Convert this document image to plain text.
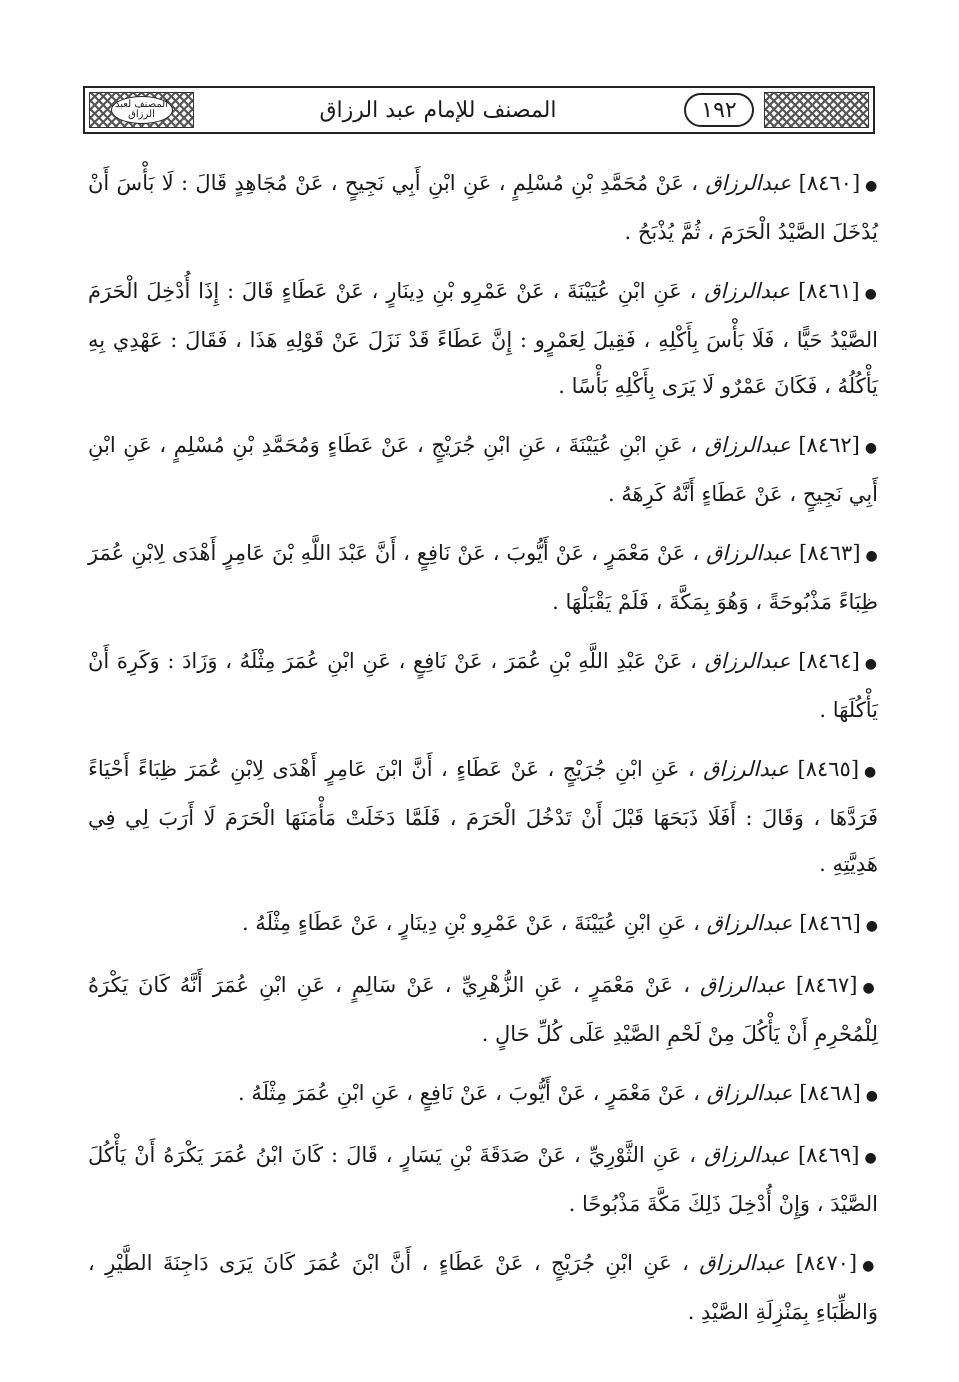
المصنف لعبد الرزاق	المصنف للإمام عبد الرزاق	١٩٢

●[٨٤٦٠] عبدالرزاق ، عَنْ مُحَمَّدِ بْنِ مُسْلِمٍ ، عَنِ ابْنِ أَبِي نَجِيحٍ ، عَنْ مُجَاهِدٍ قَالَ : لَا بَأْسَ أَنْ يُدْخَلَ الصَّيْدُ الْحَرَمَ ، ثُمَّ يُذْبَحُ .

●[٨٤٦١] عبدالرزاق ، عَنِ ابْنِ عُيَيْنَةَ ، عَنْ عَمْرِو بْنِ دِينَارٍ ، عَنْ عَطَاءٍ قَالَ : إِذَا أُدْخِلَ الْحَرَمَ الصَّيْدُ حَيًّا ، فَلَا بَأْسَ بِأَكْلِهِ ، فَقِيلَ لِعَمْرٍو : إِنَّ عَطَاءً قَدْ نَزَلَ عَنْ قَوْلِهِ هَذَا ، فَقَالَ : عَهْدِي بِهِ يَأْكُلُهُ ، فَكَانَ عَمْرٌو لَا يَرَى بِأَكْلِهِ بَأْسًا .

●[٨٤٦٢] عبدالرزاق ، عَنِ ابْنِ عُيَيْنَةَ ، عَنِ ابْنِ جُرَيْجٍ ، عَنْ عَطَاءٍ وَمُحَمَّدِ بْنِ مُسْلِمٍ ، عَنِ ابْنِ أَبِي نَجِيحٍ ، عَنْ عَطَاءٍ أَنَّهُ كَرِهَهُ .

●[٨٤٦٣] عبدالرزاق ، عَنْ مَعْمَرٍ ، عَنْ أَيُّوبَ ، عَنْ نَافِعٍ ، أَنَّ عَبْدَ اللَّهِ بْنَ عَامِرٍ أَهْدَى لِابْنِ عُمَرَ ظِبَاءً مَذْبُوحَةً ، وَهُوَ بِمَكَّةَ ، فَلَمْ يَقْبَلْهَا .

●[٨٤٦٤] عبدالرزاق ، عَنْ عَبْدِ اللَّهِ بْنِ عُمَرَ ، عَنْ نَافِعٍ ، عَنِ ابْنِ عُمَرَ مِثْلَهُ ، وَزَادَ : وَكَرِهَ أَنْ يَأْكُلَهَا .

●[٨٤٦٥] عبدالرزاق ، عَنِ ابْنِ جُرَيْجٍ ، عَنْ عَطَاءٍ ، أَنَّ ابْنَ عَامِرٍ أَهْدَى لِابْنِ عُمَرَ ظِبَاءً أَحْيَاءً فَرَدَّهَا ، وَقَالَ : أَفَلَا ذَبَحَهَا قَبْلَ أَنْ تَدْخُلَ الْحَرَمَ ، فَلَمَّا دَخَلَتْ مَأْمَنَهَا الْحَرَمَ لَا أَرَبَ لِي فِي هَدِيَّتِهِ .

●[٨٤٦٦] عبدالرزاق ، عَنِ ابْنِ عُيَيْنَةَ ، عَنْ عَمْرِو بْنِ دِينَارٍ ، عَنْ عَطَاءٍ مِثْلَهُ .

●[٨٤٦٧] عبدالرزاق ، عَنْ مَعْمَرٍ ، عَنِ الزُّهْرِيِّ ، عَنْ سَالِمٍ ، عَنِ ابْنِ عُمَرَ أَنَّهُ كَانَ يَكْرَهُ لِلْمُحْرِمِ أَنْ يَأْكُلَ مِنْ لَحْمِ الصَّيْدِ عَلَى كُلِّ حَالٍ .

●[٨٤٦٨] عبدالرزاق ، عَنْ مَعْمَرٍ ، عَنْ أَيُّوبَ ، عَنْ نَافِعٍ ، عَنِ ابْنِ عُمَرَ مِثْلَهُ .

●[٨٤٦٩] عبدالرزاق ، عَنِ الثَّوْرِيِّ ، عَنْ صَدَقَةَ بْنِ يَسَارٍ ، قَالَ : كَانَ ابْنُ عُمَرَ يَكْرَهُ أَنْ يَأْكُلَ الصَّيْدَ ، وَإِنْ أُدْخِلَ ذَلِكَ مَكَّةَ مَذْبُوحًا .

●[٨٤٧٠] عبدالرزاق ، عَنِ ابْنِ جُرَيْجٍ ، عَنْ عَطَاءٍ ، أَنَّ ابْنَ عُمَرَ كَانَ يَرَى دَاجِنَةَ الطَّيْرِ ، وَالظِّبَاءِ بِمَنْزِلَةِ الصَّيْدِ .
